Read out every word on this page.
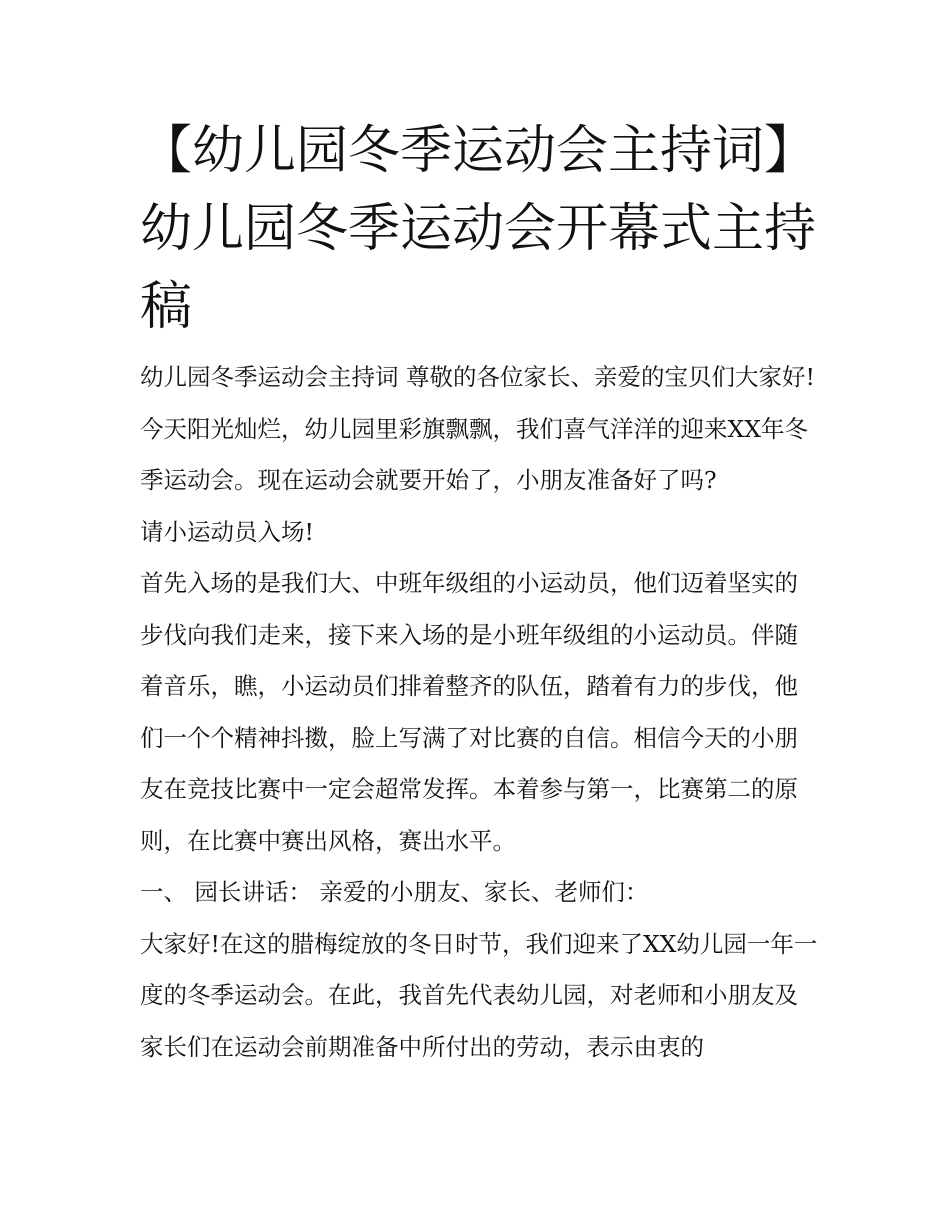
【幼儿园冬季运动会主持词】
幼儿园冬季运动会开幕式主持
稿

幼儿园冬季运动会主持词 尊敬的各位家长、亲爱的宝贝们大家好!

今天阳光灿烂，幼儿园里彩旗飘飘，我们喜气洋洋的迎来XX年冬季运动会。现在运动会就要开始了，小朋友准备好了吗?

请小运动员入场!

首先入场的是我们大、中班年级组的小运动员，他们迈着坚实的步伐向我们走来，接下来入场的是小班年级组的小运动员。伴随着音乐，瞧，小运动员们排着整齐的队伍，踏着有力的步伐，他们一个个精神抖擞，脸上写满了对比赛的自信。相信今天的小朋友在竞技比赛中一定会超常发挥。本着参与第一，比赛第二的原则，在比赛中赛出风格，赛出水平。

一、 园长讲话： 亲爱的小朋友、家长、老师们：

大家好!在这的腊梅绽放的冬日时节，我们迎来了XX幼儿园一年一度的冬季运动会。在此，我首先代表幼儿园，对老师和小朋友及家长们在运动会前期准备中所付出的劳动，表示由衷的
